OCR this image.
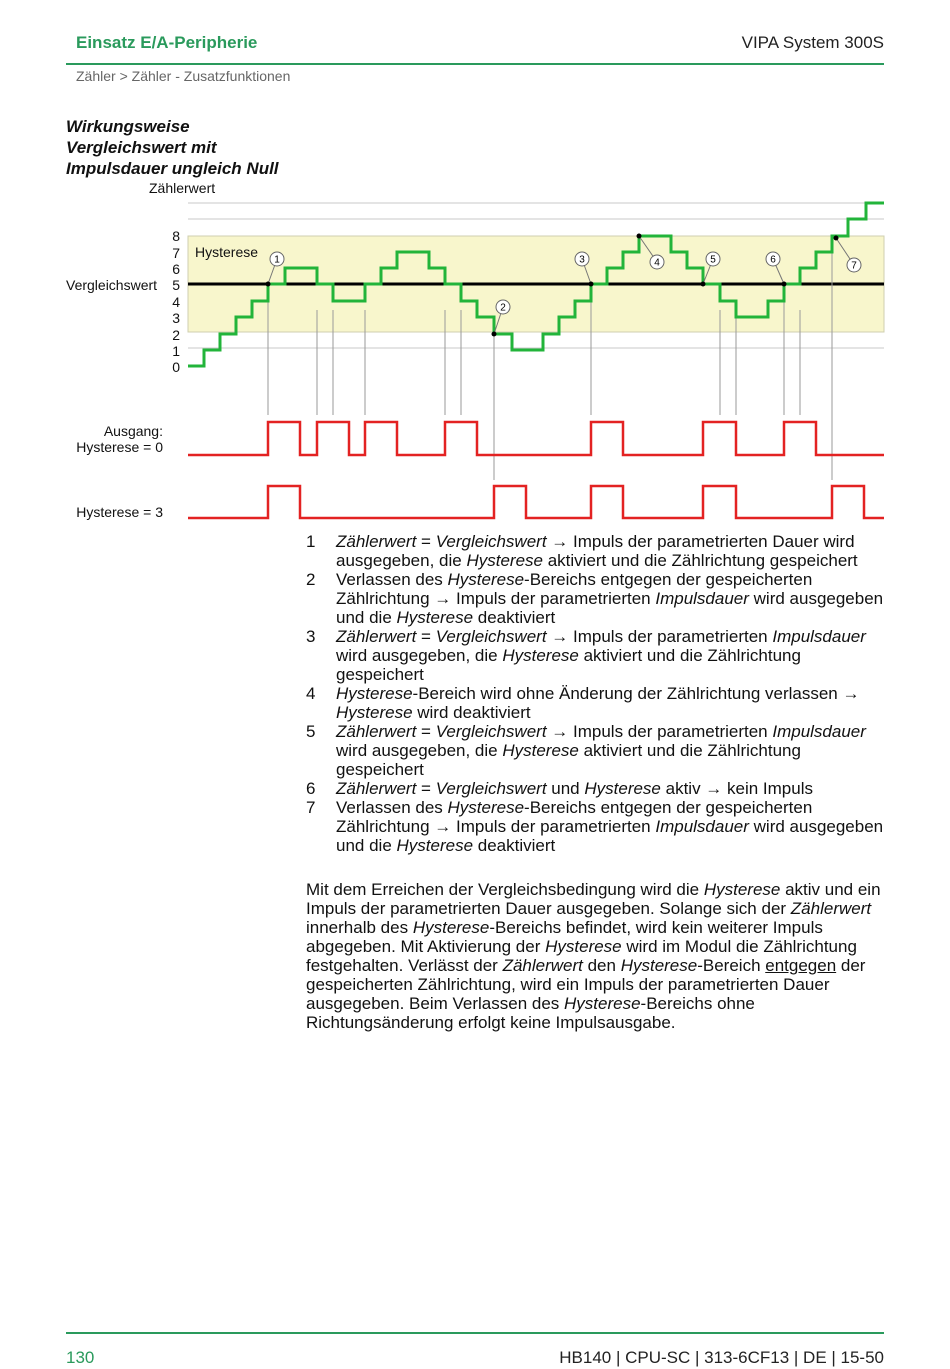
Einsatz E/A-Peripherie	VIPA System 300S
Zähler > Zähler - Zusatzfunktionen
Wirkungsweise Vergleichswert mit Impulsdauer ungleich Null
1
2
3	4	5	6
7
Zählerwert
Vergleichswert
Hysterese
Ausgang:
Hysterese = 0
Hysterese = 3
8
7
6
5
4
3
2
1
0
1 Zählerwert = Vergleichswert → Impuls der parametrierten Dauer wird ausgegeben, die Hysterese aktiviert und die Zählrichtung gespeichert
2 Verlassen des Hysterese-Bereichs entgegen der gespeicherten Zählrichtung → Impuls der parametrierten Impulsdauer wird ausgegeben und die Hysterese deaktiviert
3 Zählerwert = Vergleichswert → Impuls der parametrierten Impulsdauer wird ausgegeben, die Hysterese aktiviert und die Zählrichtung gespeichert
4 Hysterese-Bereich wird ohne Änderung der Zählrichtung verlassen → Hysterese wird deaktiviert
5 Zählerwert = Vergleichswert → Impuls der parametrierten Impulsdauer wird ausgegeben, die Hysterese aktiviert und die Zählrichtung gespeichert
6 Zählerwert = Vergleichswert und Hysterese aktiv → kein Impuls
7 Verlassen des Hysterese-Bereichs entgegen der gespeicherten Zählrichtung → Impuls der parametrierten Impulsdauer wird ausgegeben und die Hysterese deaktiviert

Mit dem Erreichen der Vergleichsbedingung wird die Hysterese aktiv und ein Impuls der parametrierten Dauer ausgegeben. Solange sich der Zählerwert innerhalb des Hysterese-Bereichs befindet, wird kein weiterer Impuls abgegeben. Mit Aktivierung der Hysterese wird im Modul die Zählrichtung festgehalten. Verlässt der Zählerwert den Hysterese-Bereich entgegen der gespeicherten Zählrichtung, wird ein Impuls der parametrierten Dauer ausgegeben. Beim Verlassen des Hysterese-Bereichs ohne Richtungsänderung erfolgt keine Impulsausgabe.

130	HB140 | CPU-SC | 313-6CF13 | DE | 15-50
